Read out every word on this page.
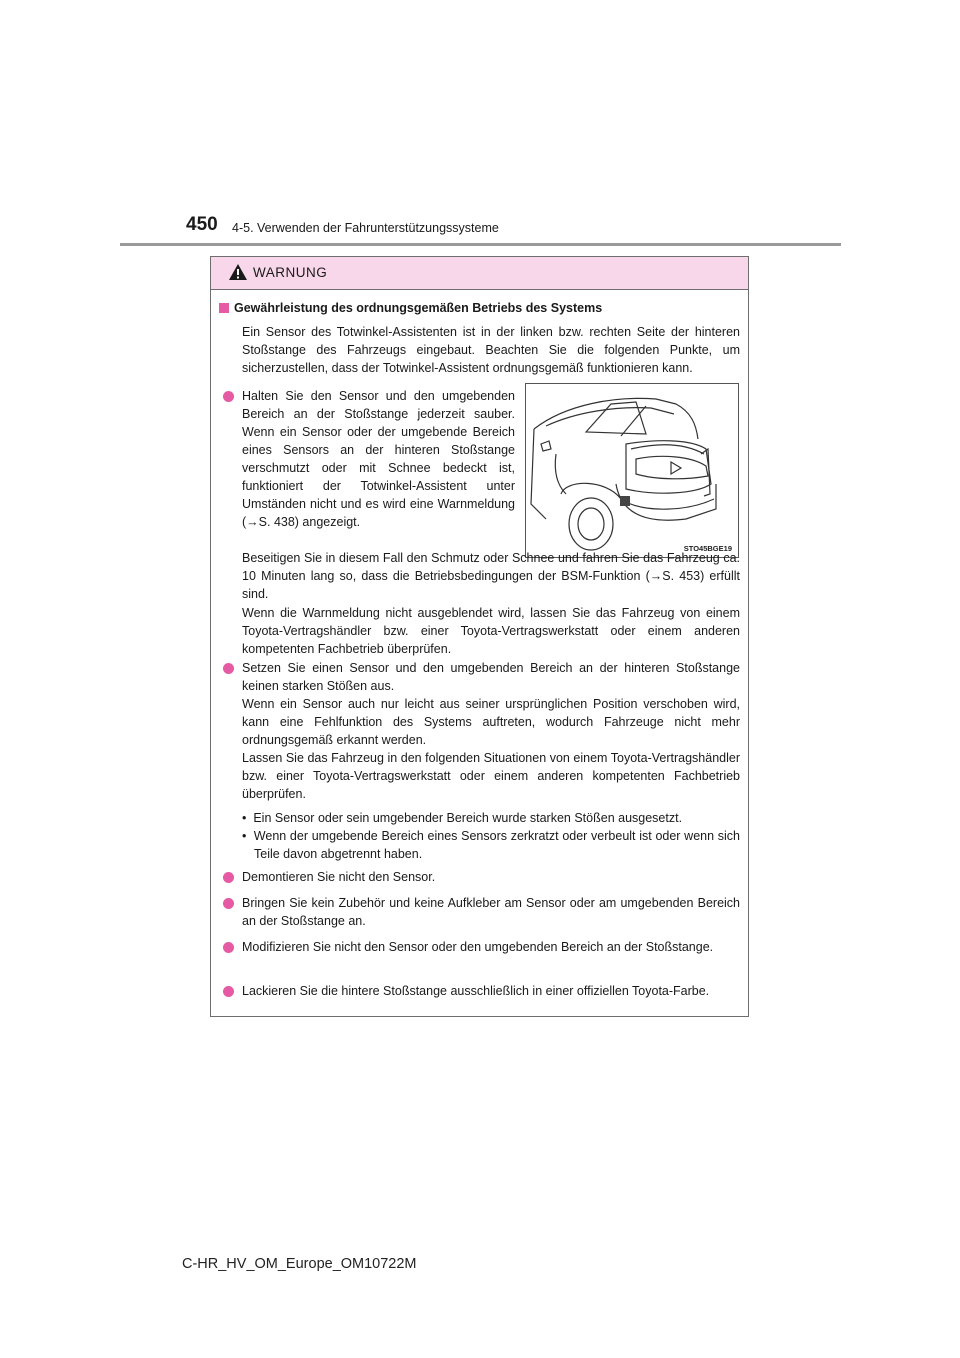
450 4-5. Verwenden der Fahrunterstützungssysteme
WARNUNG
Gewährleistung des ordnungsgemäßen Betriebs des Systems
Ein Sensor des Totwinkel-Assistenten ist in der linken bzw. rechten Seite der hinteren Stoßstange des Fahrzeugs eingebaut. Beachten Sie die folgenden Punkte, um sicherzustellen, dass der Totwinkel-Assistent ordnungsgemäß funktionieren kann.
Halten Sie den Sensor und den umgebenden Bereich an der Stoßstange jederzeit sauber. Wenn ein Sensor oder der umgebende Bereich eines Sensors an der hinteren Stoßstange verschmutzt oder mit Schnee bedeckt ist, funktioniert der Totwinkel-Assistent unter Umständen nicht und es wird eine Warnmeldung (→S. 438) angezeigt.
STO45BGE19
Beseitigen Sie in diesem Fall den Schmutz oder Schnee und fahren Sie das Fahrzeug ca. 10 Minuten lang so, dass die Betriebsbedingungen der BSM-Funktion (→S. 453) erfüllt sind.
Wenn die Warnmeldung nicht ausgeblendet wird, lassen Sie das Fahrzeug von einem Toyota-Vertragshändler bzw. einer Toyota-Vertragswerkstatt oder einem anderen kompetenten Fachbetrieb überprüfen.
Setzen Sie einen Sensor und den umgebenden Bereich an der hinteren Stoßstange keinen starken Stößen aus.
Wenn ein Sensor auch nur leicht aus seiner ursprünglichen Position verschoben wird, kann eine Fehlfunktion des Systems auftreten, wodurch Fahrzeuge nicht mehr ordnungsgemäß erkannt werden.
Lassen Sie das Fahrzeug in den folgenden Situationen von einem Toyota-Vertragshändler bzw. einer Toyota-Vertragswerkstatt oder einem anderen kompetenten Fachbetrieb überprüfen.
•  Ein Sensor oder sein umgebender Bereich wurde starken Stößen ausgesetzt.
•  Wenn der umgebende Bereich eines Sensors zerkratzt oder verbeult ist oder wenn sich Teile davon abgetrennt haben.
Demontieren Sie nicht den Sensor.
Bringen Sie kein Zubehör und keine Aufkleber am Sensor oder am umgebenden Bereich an der Stoßstange an.
Modifizieren Sie nicht den Sensor oder den umgebenden Bereich an der Stoßstange.
Lackieren Sie die hintere Stoßstange ausschließlich in einer offiziellen Toyota-Farbe.
C-HR_HV_OM_Europe_OM10722M
